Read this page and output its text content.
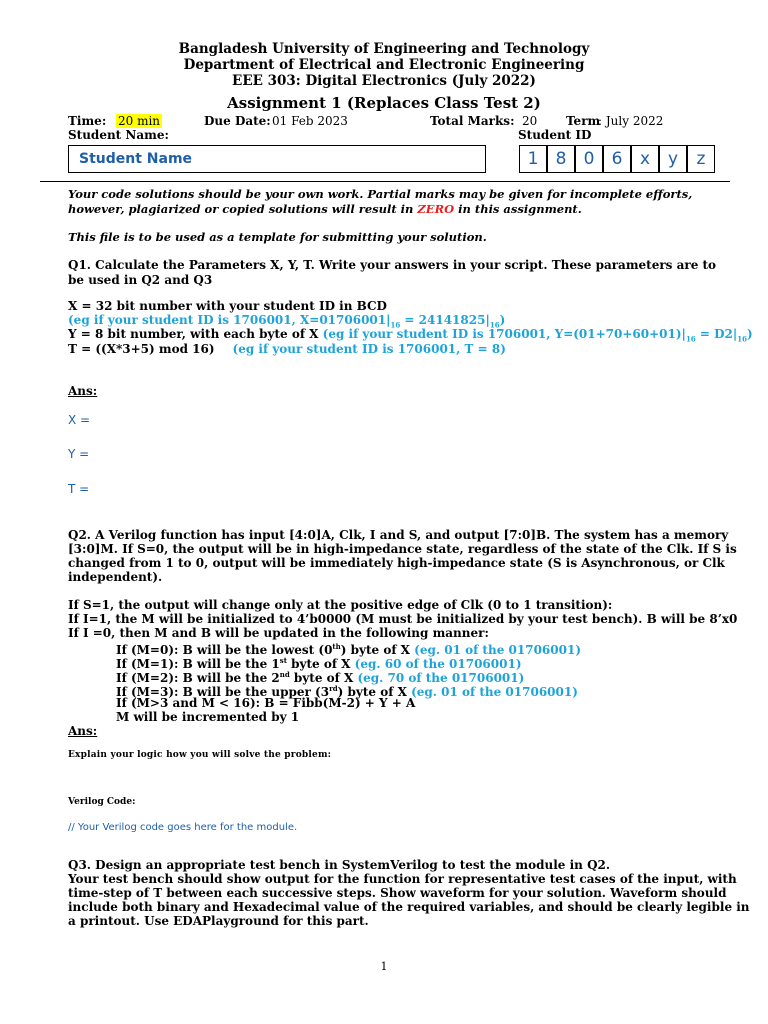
Bangladesh University of Engineering and Technology
Department of Electrical and Electronic Engineering
EEE 303: Digital Electronics (July 2022)
Assignment 1 (Replaces Class Test 2)
Time: 20 min	Due Date: 01 Feb 2023	Total Marks: 20 Term
: July 2022
Student Name:	Student ID
Student Name	1	8	0	6	x	y	z
Your code solutions should be your own work. Partial marks may be given for incomplete efforts,
however, plagiarized or copied solutions will result in ZERO in this assignment.
This file is to be used as a template for submitting your solution.
Q1. Calculate the Parameters X, Y, T. Write your answers in your script. These parameters are to
be used in Q2 and Q3
X = 32 bit number with your student ID in BCD
(eg if your student ID is 1706001, $X=01706001|_{16} = 24141825|_{16}$)
Y = 8 bit number, with each byte of X (eg if your student ID is 1706001, $Y=(01+70+60+01)|_{16} = D2|_{16}$)
T = ((X*3+5) mod 16) (eg if your student ID is 1706001, T = 8)
Ans:
X =
Y =
T =
Q2. A Verilog function has input [4:0]A, Clk, I and S, and output [7:0]B. The system has a memory
[3:0]M. If S=0, the output will be in high-impedance state, regardless of the state of the Clk. If S is
changed from 1 to 0, output will be immediately high-impedance state (S is Asynchronous, or Clk
independent).
If S=1, the output will change only at the positive edge of Clk (0 to 1 transition):
If I=1, the M will be initialized to 4’b0000 (M must be initialized by your test bench). B will be 8’x0
If I =0, then M and B will be updated in the following manner:
If (M=0): B will be the lowest (0th) byte of X (eg. 01 of the 01706001)
If (M=1): B will be the 1st byte of X (eg. 60 of the 01706001)
If (M=2): B will be the 2nd byte of X (eg. 70 of the 01706001)
If (M=3): B will be the upper (3rd) byte of X (eg. 01 of the 01706001)
If (M>3 and M < 16): B = Fibb(M-2) + Y + A
M will be incremented by 1
Ans:
Explain your logic how you will solve the problem:
Verilog Code:
// Your Verilog code goes here for the module.
Q3. Design an appropriate test bench in SystemVerilog to test the module in Q2.
Your test bench should show output for the function for representative test cases of the input, with
time-step of T between each successive steps. Show waveform for your solution. Waveform should
include both binary and Hexadecimal value of the required variables, and should be clearly legible in
a printout. Use EDAPlayground for this part.
1
